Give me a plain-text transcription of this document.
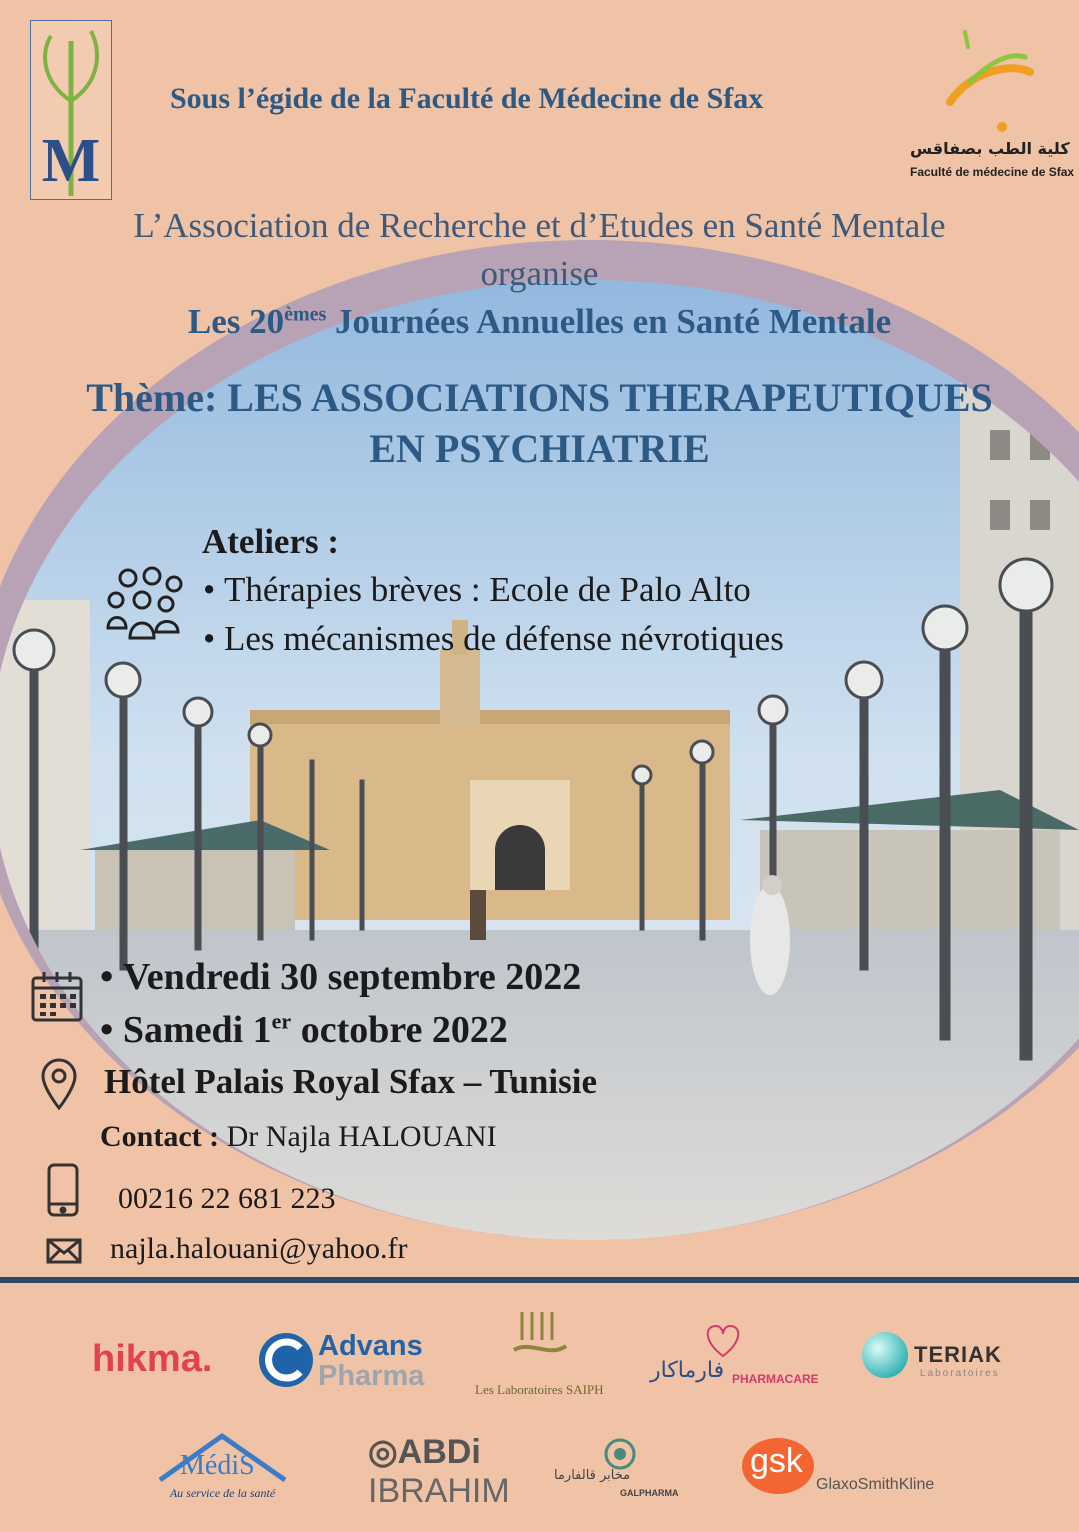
M
Sous l’égide de la Faculté de Médecine de Sfax
كلية الطب بصفاقس
Faculté de médecine de Sfax
L’Association de Recherche et d’Etudes en Santé Mentale
organise
Les 20èmes Journées Annuelles en Santé Mentale
Thème: LES ASSOCIATIONS THERAPEUTIQUES
EN PSYCHIATRIE
Ateliers :
• Thérapies brèves : Ecole de Palo Alto
• Les mécanismes de défense névrotiques
• Vendredi 30 septembre 2022
• Samedi 1er octobre 2022
Hôtel Palais Royal Sfax – Tunisie
Contact : Dr Najla HALOUANI
00216 22 681 223
najla.halouani@yahoo.fr
hikma.	Advans
Pharma	Les Laboratoires SAIPH
فارماكار PHARMACARE
TERIAK
Laboratoires
MédiS
Au service de la santé
◎ABDi
IBRAHIM	مخابر قالفارما
GALPHARMA
gsk
GlaxoSmithKline
